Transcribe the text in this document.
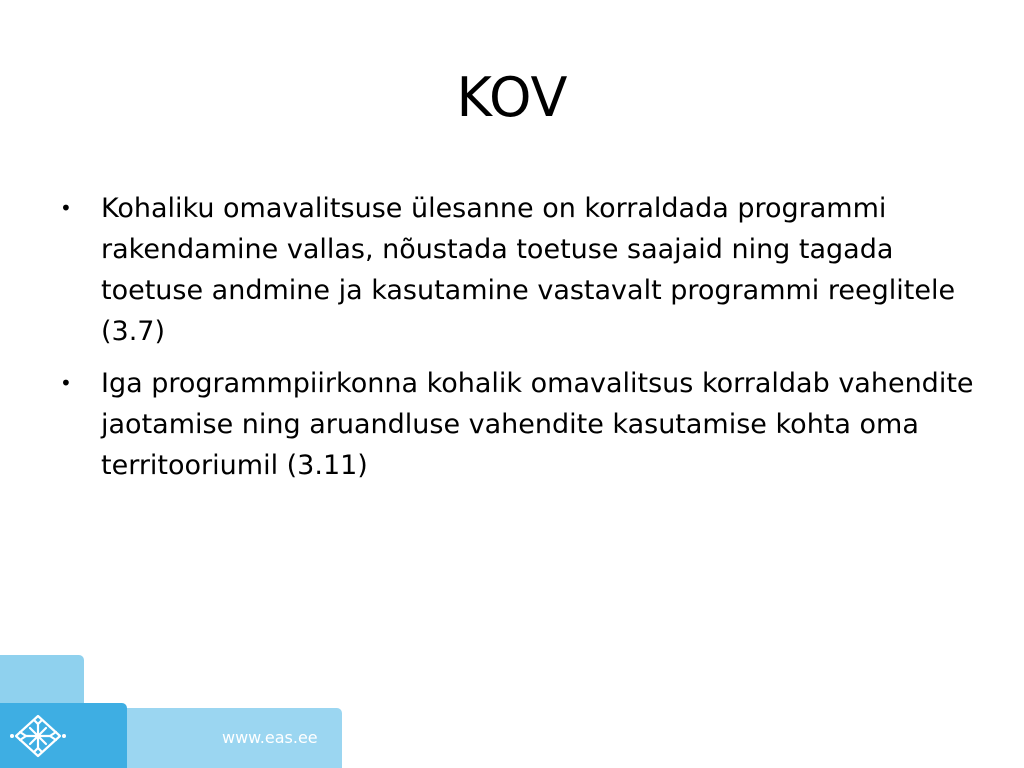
KOV
•	Kohaliku omavalitsuse ülesanne on korraldada programmi rakendamine vallas, nõustada toetuse saajaid ning tagada toetuse andmine ja kasutamine vastavalt programmi reeglitele (3.7)
•	Iga programmpiirkonna kohalik omavalitsus korraldab vahendite jaotamise ning aruandluse vahendite kasutamise kohta oma territooriumil (3.11)
www.eas.ee
